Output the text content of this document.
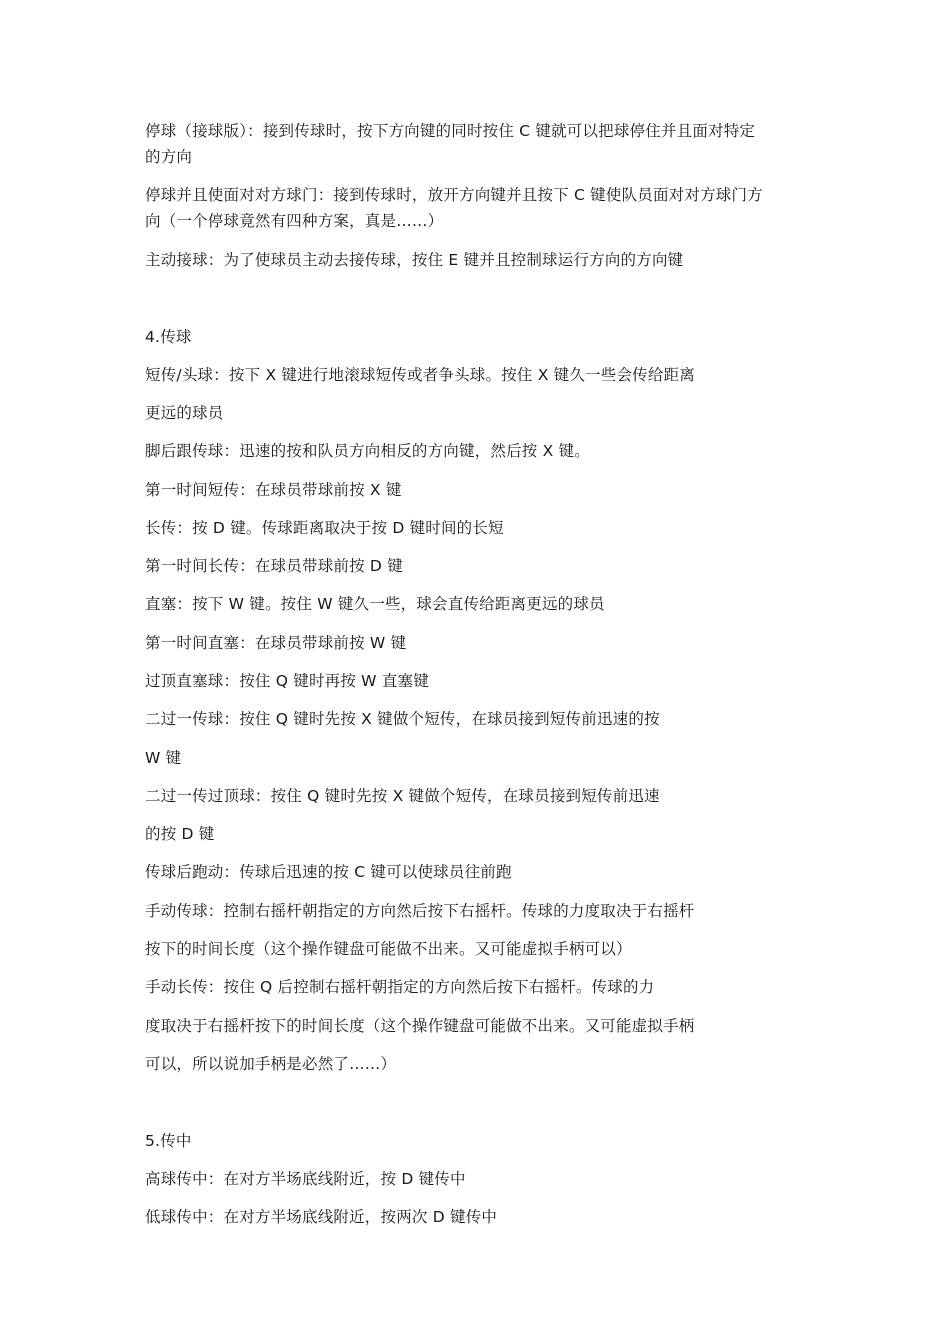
停球（接球版）：接到传球时，按下方向键的同时按住 C 键就可以把球停住并且面对特定
的方向
停球并且使面对对方球门：接到传球时，放开方向键并且按下 C 键使队员面对对方球门方
向（一个停球竟然有四种方案，真是……）
主动接球：为了使球员主动去接传球，按住 E 键并且控制球运行方向的方向键
4.传球
短传/头球：按下 X 键进行地滚球短传或者争头球。按住 X 键久一些会传给距离
更远的球员
脚后跟传球：迅速的按和队员方向相反的方向键，然后按 X 键。
第一时间短传：在球员带球前按 X 键
长传：按 D 键。传球距离取决于按 D 键时间的长短
第一时间长传：在球员带球前按 D 键
直塞：按下 W 键。按住 W 键久一些，球会直传给距离更远的球员
第一时间直塞：在球员带球前按 W 键
过顶直塞球：按住 Q 键时再按 W 直塞键
二过一传球：按住 Q 键时先按 X 键做个短传，在球员接到短传前迅速的按
W 键
二过一传过顶球：按住 Q 键时先按 X 键做个短传，在球员接到短传前迅速
的按 D 键
传球后跑动：传球后迅速的按 C 键可以使球员往前跑
手动传球：控制右摇杆朝指定的方向然后按下右摇杆。传球的力度取决于右摇杆
按下的时间长度（这个操作键盘可能做不出来。又可能虚拟手柄可以）
手动长传：按住 Q 后控制右摇杆朝指定的方向然后按下右摇杆。传球的力
度取决于右摇杆按下的时间长度（这个操作键盘可能做不出来。又可能虚拟手柄
可以，所以说加手柄是必然了……）
5.传中
高球传中：在对方半场底线附近，按 D 键传中
低球传中：在对方半场底线附近，按两次 D 键传中
